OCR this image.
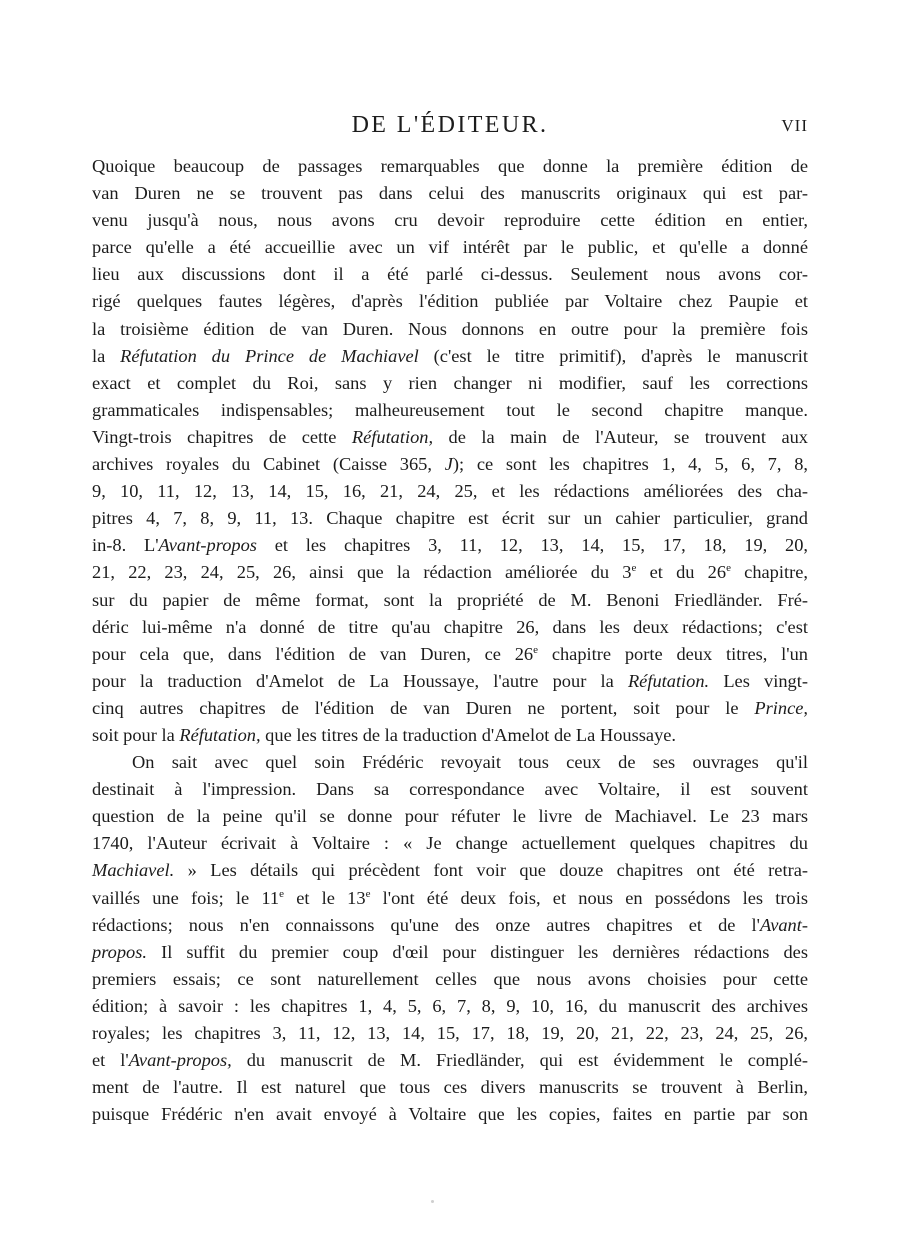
DE L'ÉDITEUR.	VII
Quoique beaucoup de passages remarquables que donne la première édition de
van Duren ne se trouvent pas dans celui des manuscrits originaux qui est par-
venu jusqu'à nous, nous avons cru devoir reproduire cette édition en entier,
parce qu'elle a été accueillie avec un vif intérêt par le public, et qu'elle a donné
lieu aux discussions dont il a été parlé ci-dessus. Seulement nous avons cor-
rigé quelques fautes légères, d'après l'édition publiée par Voltaire chez Paupie et
la troisième édition de van Duren. Nous donnons en outre pour la première fois
la Réfutation du Prince de Machiavel (c'est le titre primitif), d'après le manuscrit
exact et complet du Roi, sans y rien changer ni modifier, sauf les corrections
grammaticales indispensables; malheureusement tout le second chapitre manque.
Vingt-trois chapitres de cette Réfutation, de la main de l'Auteur, se trouvent aux
archives royales du Cabinet (Caisse 365, J); ce sont les chapitres 1, 4, 5, 6, 7, 8,
9, 10, 11, 12, 13, 14, 15, 16, 21, 24, 25, et les rédactions améliorées des cha-
pitres 4, 7, 8, 9, 11, 13. Chaque chapitre est écrit sur un cahier particulier, grand
in-8. L'Avant-propos et les chapitres 3, 11, 12, 13, 14, 15, 17, 18, 19, 20,
21, 22, 23, 24, 25, 26, ainsi que la rédaction améliorée du 3e et du 26e chapitre,
sur du papier de même format, sont la propriété de M. Benoni Friedländer. Fré-
déric lui-même n'a donné de titre qu'au chapitre 26, dans les deux rédactions; c'est
pour cela que, dans l'édition de van Duren, ce 26e chapitre porte deux titres, l'un
pour la traduction d'Amelot de La Houssaye, l'autre pour la Réfutation. Les vingt-
cinq autres chapitres de l'édition de van Duren ne portent, soit pour le Prince,
soit pour la Réfutation, que les titres de la traduction d'Amelot de La Houssaye.
On sait avec quel soin Frédéric revoyait tous ceux de ses ouvrages qu'il
destinait à l'impression. Dans sa correspondance avec Voltaire, il est souvent
question de la peine qu'il se donne pour réfuter le livre de Machiavel. Le 23 mars
1740, l'Auteur écrivait à Voltaire : « Je change actuellement quelques chapitres du
Machiavel. » Les détails qui précèdent font voir que douze chapitres ont été retra-
vaillés une fois; le 11e et le 13e l'ont été deux fois, et nous en possédons les trois
rédactions; nous n'en connaissons qu'une des onze autres chapitres et de l'Avant-
propos. Il suffit du premier coup d'œil pour distinguer les dernières rédactions des
premiers essais; ce sont naturellement celles que nous avons choisies pour cette
édition; à savoir : les chapitres 1, 4, 5, 6, 7, 8, 9, 10, 16, du manuscrit des archives
royales; les chapitres 3, 11, 12, 13, 14, 15, 17, 18, 19, 20, 21, 22, 23, 24, 25, 26,
et l'Avant-propos, du manuscrit de M. Friedländer, qui est évidemment le complé-
ment de l'autre. Il est naturel que tous ces divers manuscrits se trouvent à Berlin,
puisque Frédéric n'en avait envoyé à Voltaire que les copies, faites en partie par son
